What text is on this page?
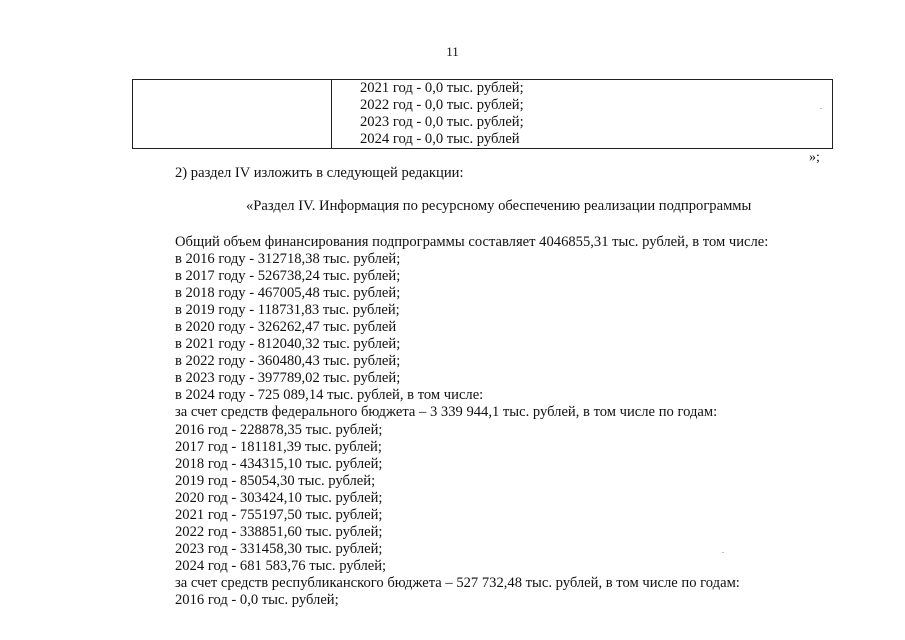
11

2021 год - 0,0 тыс. рублей;
2022 год - 0,0 тыс. рублей;
2023 год - 0,0 тыс. рублей;
2024 год - 0,0 тыс. рублей
»;
2) раздел IV изложить в следующей редакции:
«Раздел IV. Информация по ресурсному обеспечению реализации подпрограммы
Общий объем финансирования подпрограммы составляет 4046855,31 тыс. рублей, в том числе:
в 2016 году - 312718,38 тыс. рублей;
в 2017 году - 526738,24 тыс. рублей;
в 2018 году - 467005,48 тыс. рублей;
в 2019 году - 118731,83 тыс. рублей;
в 2020 году - 326262,47 тыс. рублей
в 2021 году - 812040,32 тыс. рублей;
в 2022 году - 360480,43 тыс. рублей;
в 2023 году - 397789,02 тыс. рублей;
в 2024 году - 725 089,14 тыс. рублей, в том числе:
за счет средств федерального бюджета – 3 339 944,1 тыс. рублей, в том числе по годам:
2016 год - 228878,35 тыс. рублей;
2017 год - 181181,39 тыс. рублей;
2018 год - 434315,10 тыс. рублей;
2019 год - 85054,30 тыс. рублей;
2020 год - 303424,10 тыс. рублей;
2021 год - 755197,50 тыс. рублей;
2022 год - 338851,60 тыс. рублей;
2023 год - 331458,30 тыс. рублей;
2024 год - 681 583,76 тыс. рублей;
за счет средств республиканского бюджета – 527 732,48 тыс. рублей, в том числе по годам:
2016 год - 0,0 тыс. рублей;
